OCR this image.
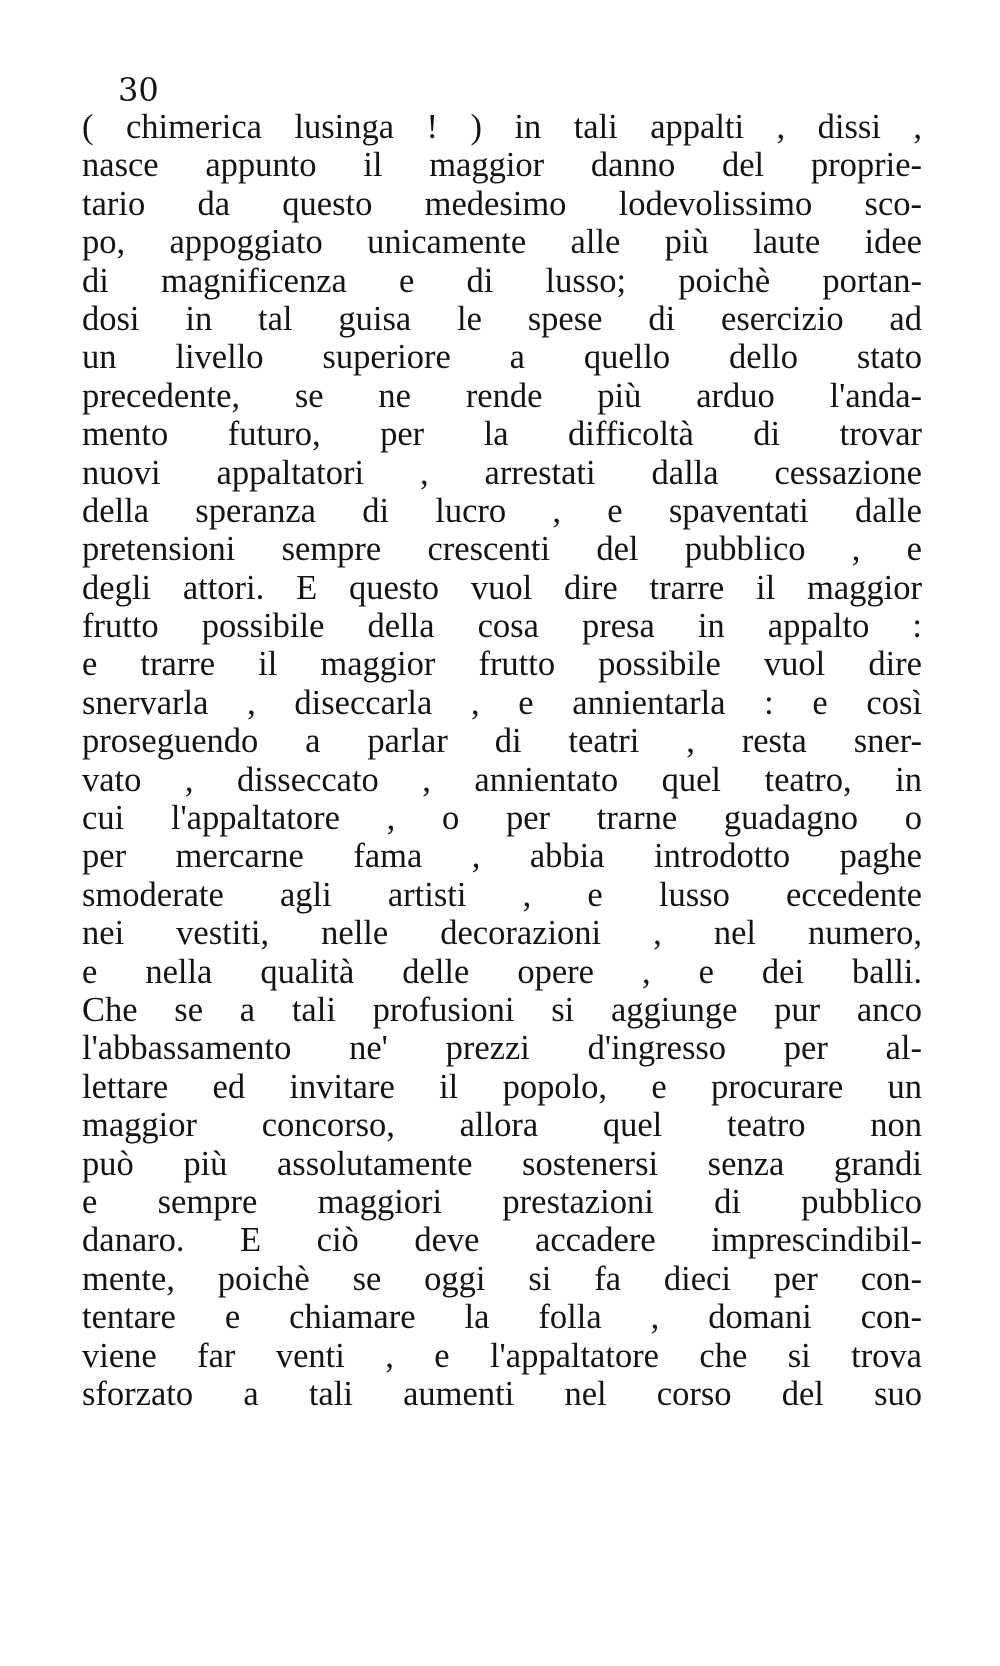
30
( chimerica lusinga ! ) in tali appalti , dissi ,
nasce appunto il maggior danno del proprie-
tario da questo medesimo lodevolissimo sco-
po, appoggiato unicamente alle più laute idee
di magnificenza e di lusso; poichè portan-
dosi in tal guisa le spese di esercizio ad
un livello superiore a quello dello stato
precedente, se ne rende più arduo l'anda-
mento futuro, per la difficoltà di trovar
nuovi appaltatori , arrestati dalla cessazione
della speranza di lucro , e spaventati dalle
pretensioni sempre crescenti del pubblico , e
degli attori. E questo vuol dire trarre il maggior
frutto possibile della cosa presa in appalto :
e trarre il maggior frutto possibile vuol dire
snervarla , diseccarla , e annientarla : e così
proseguendo a parlar di teatri , resta sner-
vato , disseccato , annientato quel teatro, in
cui l'appaltatore , o per trarne guadagno o
per mercarne fama , abbia introdotto paghe
smoderate agli artisti , e lusso eccedente
nei vestiti, nelle decorazioni , nel numero,
e nella qualità delle opere , e dei balli.
Che se a tali profusioni si aggiunge pur anco
l'abbassamento ne' prezzi d'ingresso per al-
lettare ed invitare il popolo, e procurare un
maggior concorso, allora quel teatro non
può più assolutamente sostenersi senza grandi
e sempre maggiori prestazioni di pubblico
danaro. E ciò deve accadere imprescindibil-
mente, poichè se oggi si fa dieci per con-
tentare e chiamare la folla , domani con-
viene far venti , e l'appaltatore che si trova
sforzato a tali aumenti nel corso del suo
